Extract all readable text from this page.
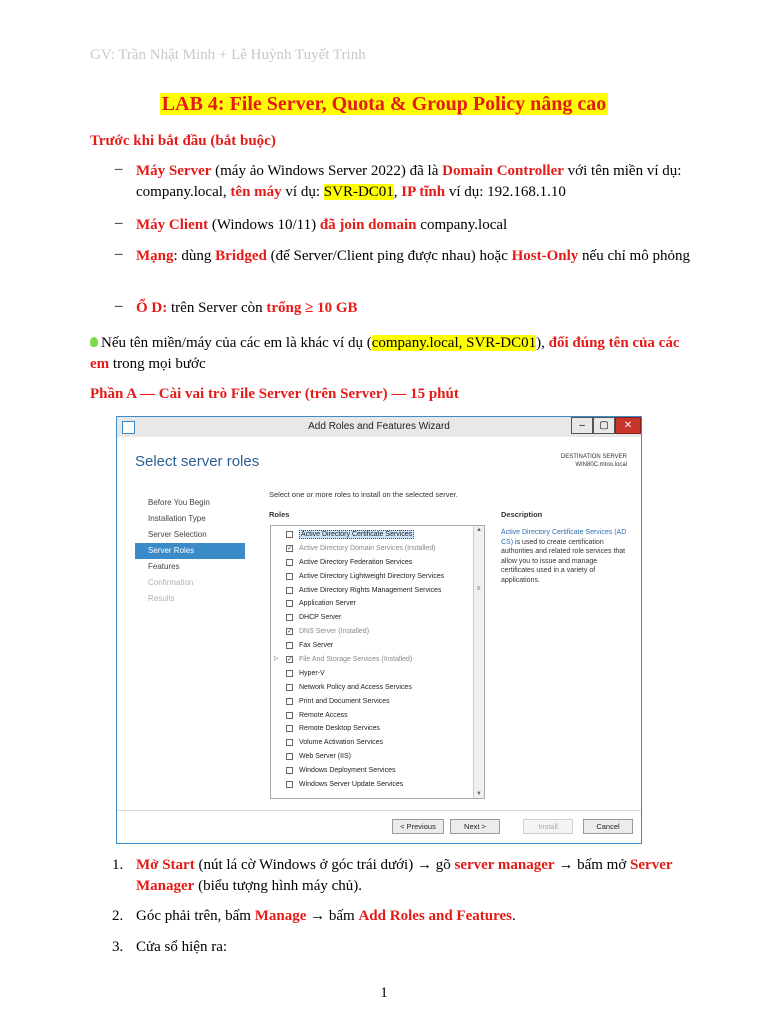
GV: Trần Nhật Minh + Lê Huỳnh Tuyết Trinh
LAB 4: File Server, Quota & Group Policy nâng cao
Trước khi bắt đầu (bắt buộc)
– Máy Server (máy ảo Windows Server 2022) đã là Domain Controller với tên miền ví dụ: company.local, tên máy ví dụ: SVR-DC01, IP tĩnh ví dụ: 192.168.1.10
– Máy Client (Windows 10/11) đã join domain company.local
– Mạng: dùng Bridged (để Server/Client ping được nhau) hoặc Host-Only nếu chỉ mô phỏng
– Ổ D: trên Server còn trống ≥ 10 GB
Nếu tên miền/máy của các em là khác ví dụ (company.local, SVR-DC01), đổi đúng tên của các em trong mọi bước
Phần A — Cài vai trò File Server (trên Server) — 15 phút
Add Roles and Features Wizard	–	▢	✕
Select server roles	DESTINATION SERVER
WIN80C.mtoo.local
Before You Begin
Installation Type
Server Selection
Server Roles
Features
Confirmation
Results
Select one or more roles to install on the selected server.
Roles
Active Directory Certificate Services
✓
Active Directory Domain Services (Installed)
Active Directory Federation Services
Active Directory Lightweight Directory Services
Active Directory Rights Management Services
Application Server
DHCP Server
✓
DNS Server (Installed)
Fax Server
▷
✓	File And Storage Services (Installed)
Hyper-V
Network Policy and Access Services
Print and Document Services
Remote Access
Remote Desktop Services
Volume Activation Services
Web Server (IIS)
Windows Deployment Services
Windows Server Update Services
▲
≡
▼
Description
Active Directory Certificate Services (AD CS) is used to create certification authorities and related role services that allow you to issue and manage certificates used in a variety of applications.
< Previous	Next >	Install	Cancel
1. Mở Start (nút lá cờ Windows ở góc trái dưới) → gõ server manager → bấm mở Server Manager (biểu tượng hình máy chủ).
2. Góc phải trên, bấm Manage → bấm Add Roles and Features.
3. Cửa sổ hiện ra:
1
